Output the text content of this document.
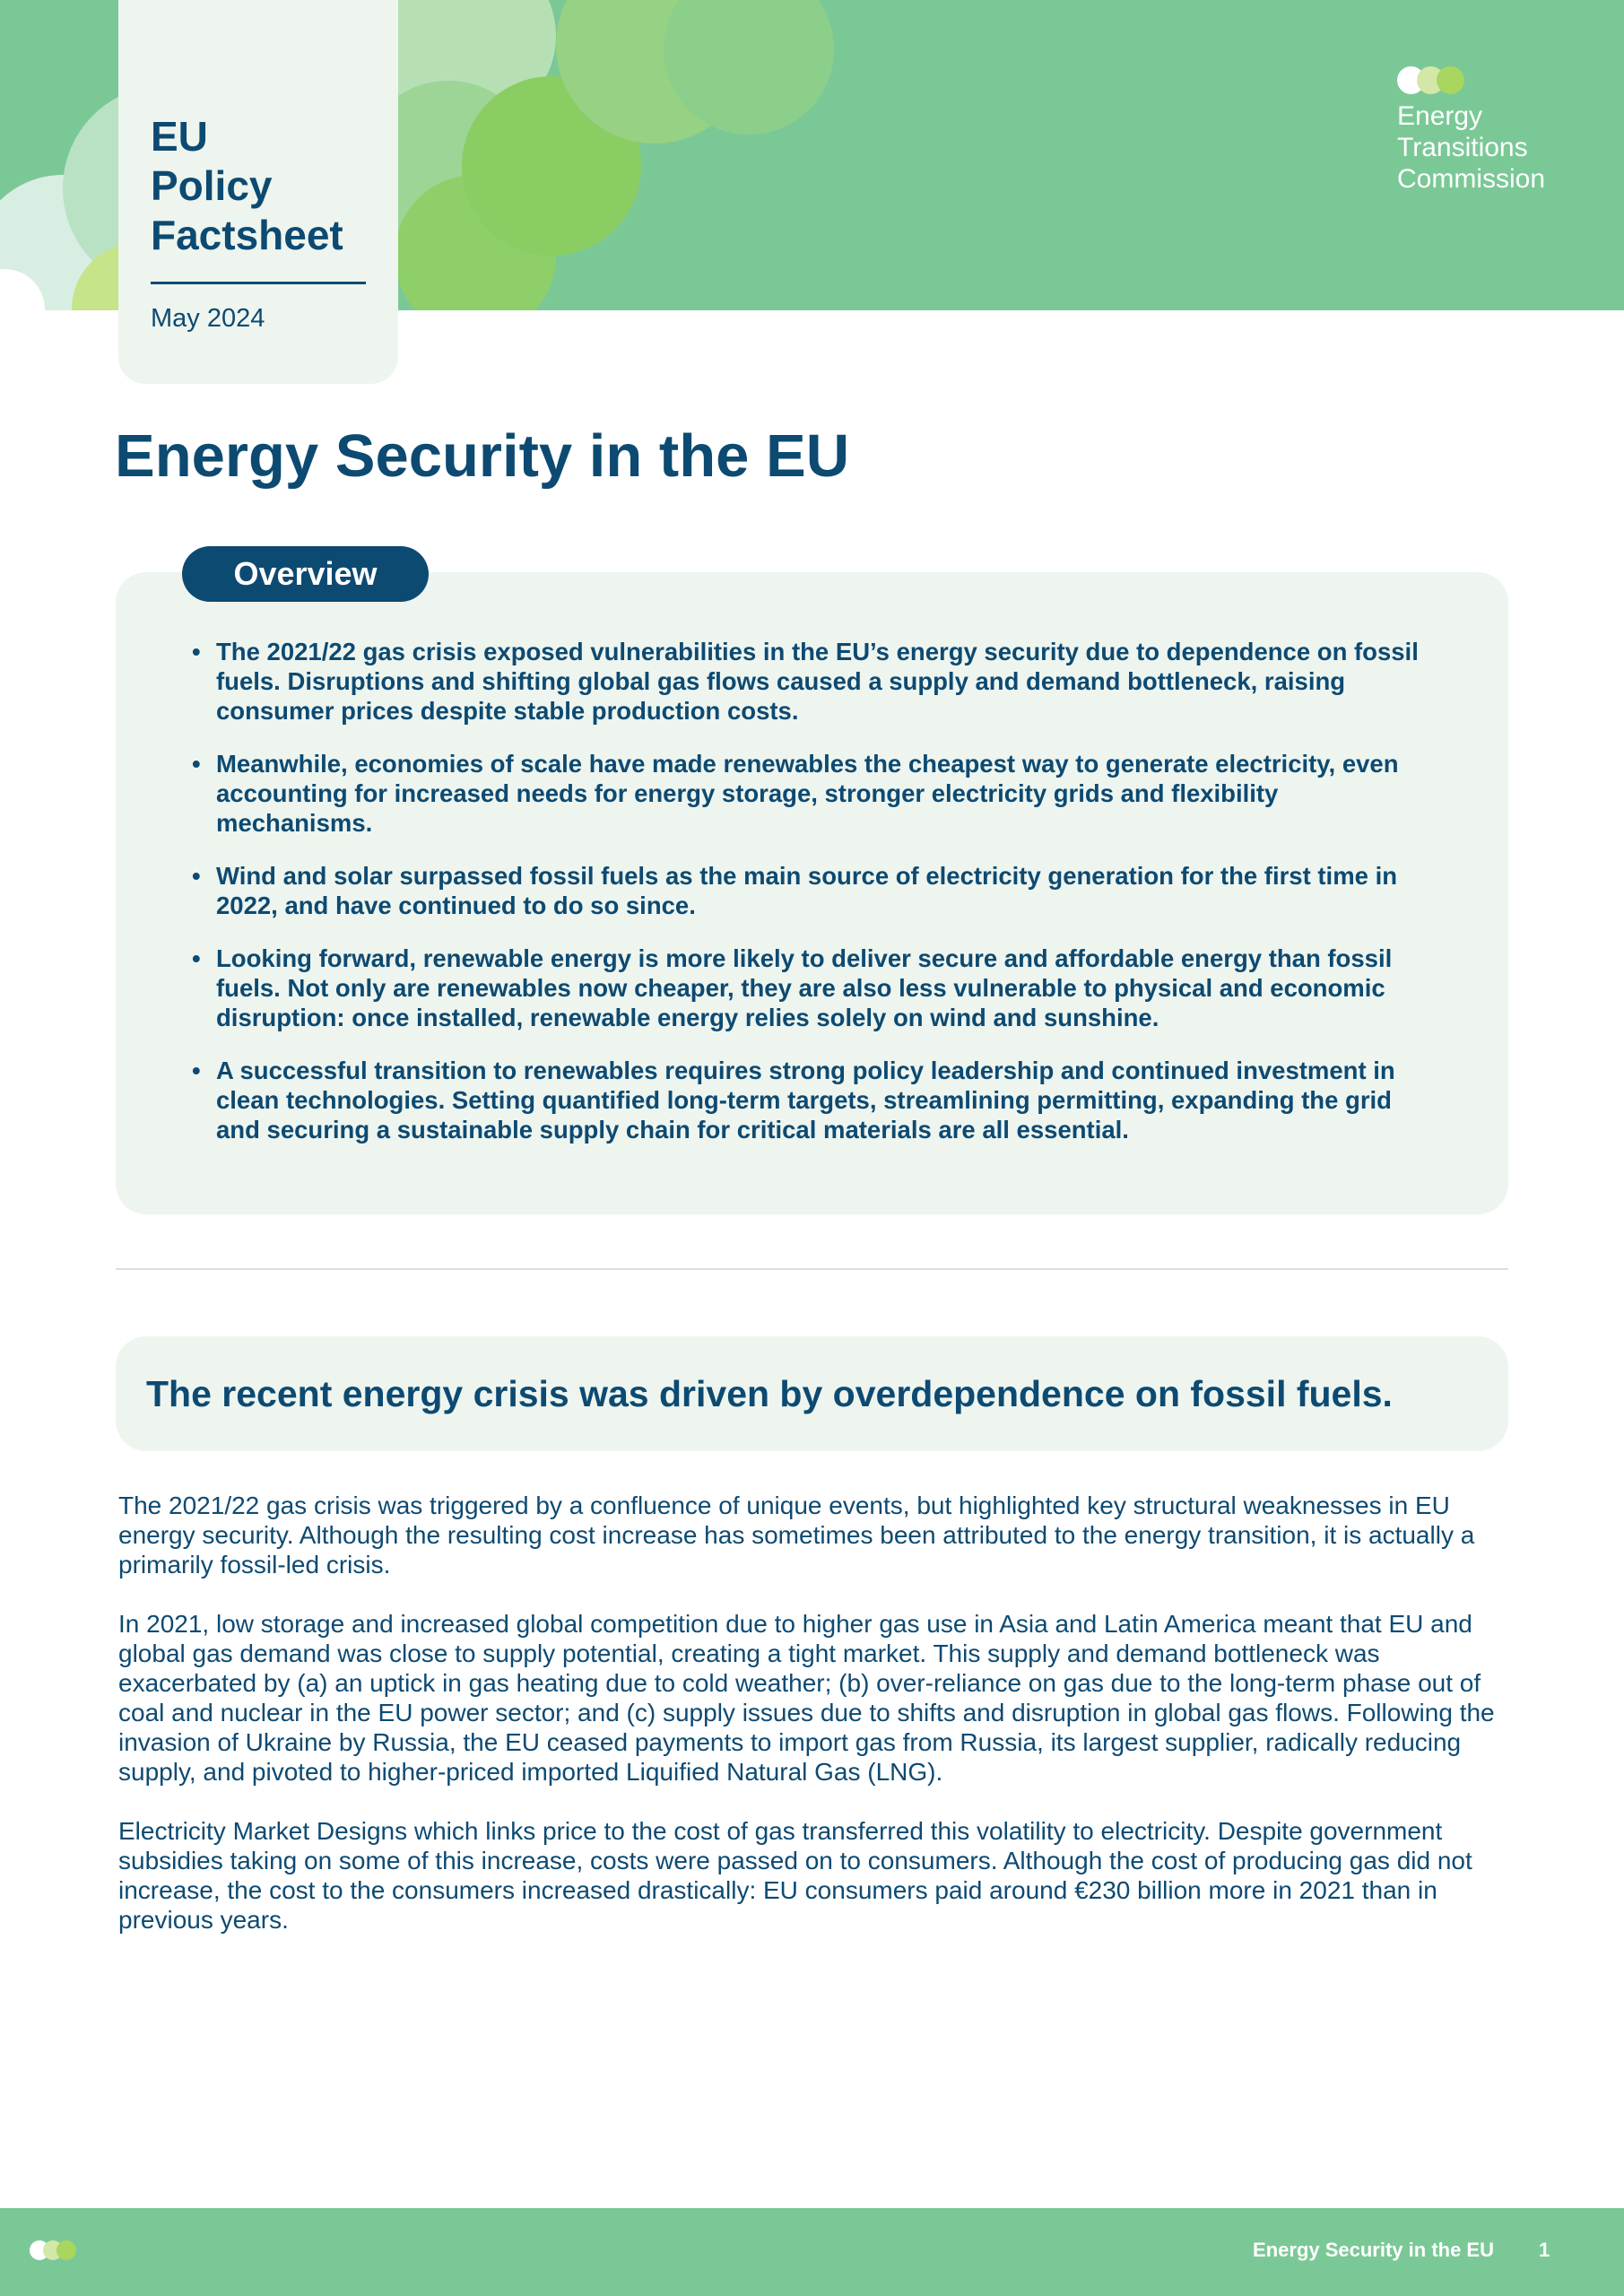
EU
Policy
Factsheet
May 2024
Energy
Transitions
Commission
Energy Security in the EU
• The 2021/22 gas crisis exposed vulnerabilities in the EU’s energy security due to dependence on fossil fuels. Disruptions and shifting global gas flows caused a supply and demand bottleneck, raising consumer prices despite stable production costs.
• Meanwhile, economies of scale have made renewables the cheapest way to generate electricity, even accounting for increased needs for energy storage, stronger electricity grids and flexibility mechanisms.
• Wind and solar surpassed fossil fuels as the main source of electricity generation for the first time in 2022, and have continued to do so since.
• Looking forward, renewable energy is more likely to deliver secure and affordable energy than fossil fuels. Not only are renewables now cheaper, they are also less vulnerable to physical and economic disruption: once installed, renewable energy relies solely on wind and sunshine.
• A successful transition to renewables requires strong policy leadership and continued investment in clean technologies. Setting quantified long-term targets, streamlining permitting, expanding the grid and securing a sustainable supply chain for critical materials are all essential.
Overview
The recent energy crisis was driven by overdependence on fossil fuels.

The 2021/22 gas crisis was triggered by a confluence of unique events, but highlighted key structural weaknesses in EU energy security. Although the resulting cost increase has sometimes been attributed to the energy transition, it is actually a primarily fossil-led crisis.

In 2021, low storage and increased global competition due to higher gas use in Asia and Latin America meant that EU and global gas demand was close to supply potential, creating a tight market. This supply and demand bottleneck was exacerbated by (a) an uptick in gas heating due to cold weather; (b) over-reliance on gas due to the long-term phase out of coal and nuclear in the EU power sector; and (c) supply issues due to shifts and disruption in global gas flows. Following the invasion of Ukraine by Russia, the EU ceased payments to import gas from Russia, its largest supplier, radically reducing supply, and pivoted to higher-priced imported Liquified Natural Gas (LNG).

Electricity Market Designs which links price to the cost of gas transferred this volatility to electricity. Despite government subsidies taking on some of this increase, costs were passed on to consumers. Although the cost of producing gas did not increase, the cost to the consumers increased drastically: EU consumers paid around €230 billion more in 2021 than in previous years.

Energy Security in the EU 1
